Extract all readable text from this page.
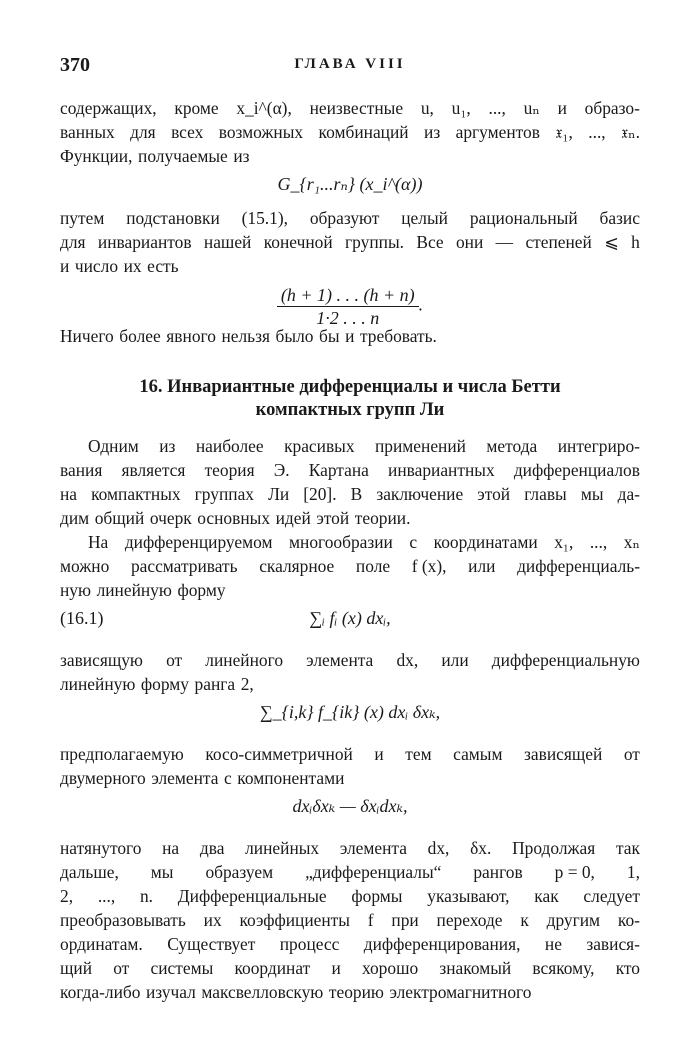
370	ГЛАВА VIII
содержащих, кроме x_i^(α), неизвестные u, u₁, ..., uₙ и образо-
ванных для всех возможных комбинаций из аргументов 𝔵₁, ..., 𝔵ₙ.
Функции, получаемые из
G_{r₁...rₙ} (x_i^(α))
путем подстановки (15.1), образуют целый рациональный базис
для инвариантов нашей конечной группы. Все они — степеней ⩽ h
и число их есть
$\frac{(h + 1) . . . (h + n)}{1\cdot 2 . . . n}$ .
Ничего более явного нельзя было бы и требовать.
16. Инвариантные дифференциалы и числа Бетти
компактных групп Ли
Одним из наиболее красивых применений метода интегриро-
вания является теория Э. Картана инвариантных дифференциалов
на компактных группах Ли [20]. В заключение этой главы мы да-
дим общий очерк основных идей этой теории.
На дифференцируемом многообразии с координатами x₁, ..., xₙ
можно рассматривать скалярное поле f (x), или дифференциаль-
ную линейную форму
(16.1)	∑ᵢ fᵢ (x) dxᵢ,
зависящую от линейного элемента dx, или дифференциальную
линейную форму ранга 2,
∑_{i,k} f_{ik} (x) dxᵢ δxₖ,
предполагаемую косо-симметричной и тем самым зависящей от
двумерного элемента с компонентами
dxᵢδxₖ — δxᵢdxₖ,
натянутого на два линейных элемента dx, δx. Продолжая так
дальше, мы образуем „дифференциалы“ рангов p = 0, 1,
2, ..., n. Дифференциальные формы указывают, как следует
преобразовывать их коэффициенты f при переходе к другим ко-
ординатам. Существует процесс дифференцирования, не завися-
щий от системы координат и хорошо знакомый всякому, кто
когда-либо изучал максвелловскую теорию электромагнитного
